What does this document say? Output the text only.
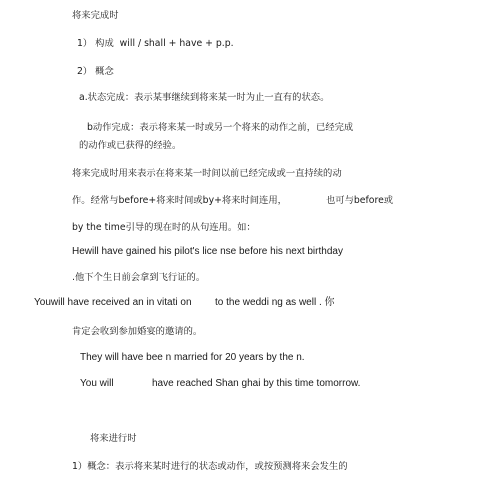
将来完成时
1） 构成  will / shall + have + p.p.
2） 概念
a.状态完成：表示某事继续到将来某一时为止一直有的状态。
b动作完成：表示将来某一时或另一个将来的动作之前，已经完成
的动作或已获得的经验。
将来完成时用来表示在将来某一时间以前已经完成或一直持续的动
作。经常与before+将来时间或by+将来时间连用，	也可与before或
by the time引导的现在时的从句连用。如：
Hewill have gained his pilot's lice nse before his next birthday
.他下个生日前会拿到飞行证的。
Youwill have received an in vitati on to the weddi ng as well . 你
肯定会收到参加婚宴的邀请的。
They will have bee n married for 20 years by the n.
You will	have reached Shan ghai by this time tomorrow.
将来进行时
1）概念：表示将来某时进行的状态或动作，或按预测将来会发生的
